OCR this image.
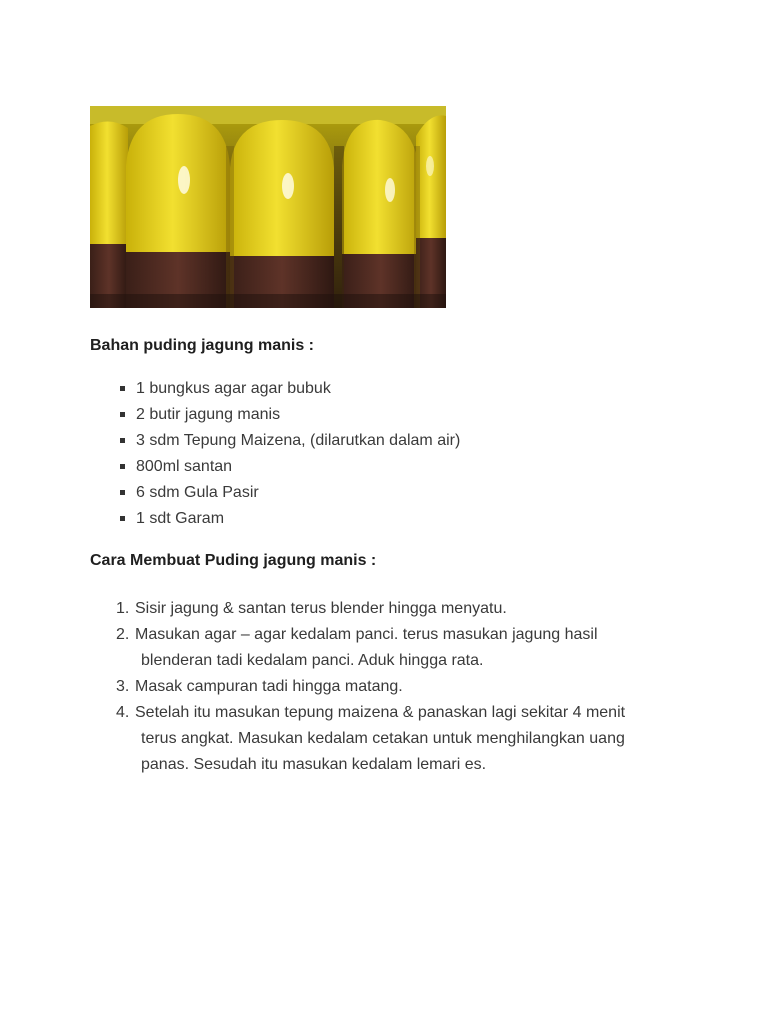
Bahan puding jagung manis :
1 bungkus agar agar bubuk
2 butir jagung manis
3 sdm Tepung Maizena, (dilarutkan dalam air)
800ml santan
6 sdm Gula Pasir
1 sdt Garam
Cara Membuat Puding jagung manis :
1. Sisir jagung & santan terus blender hingga menyatu.
2. Masukan agar – agar kedalam panci. terus masukan jagung hasil
blenderan tadi kedalam panci. Aduk hingga rata.
3. Masak campuran tadi hingga matang.
4. Setelah itu masukan tepung maizena & panaskan lagi sekitar 4 menit
terus angkat. Masukan kedalam cetakan untuk menghilangkan uang
panas. Sesudah itu masukan kedalam lemari es.
